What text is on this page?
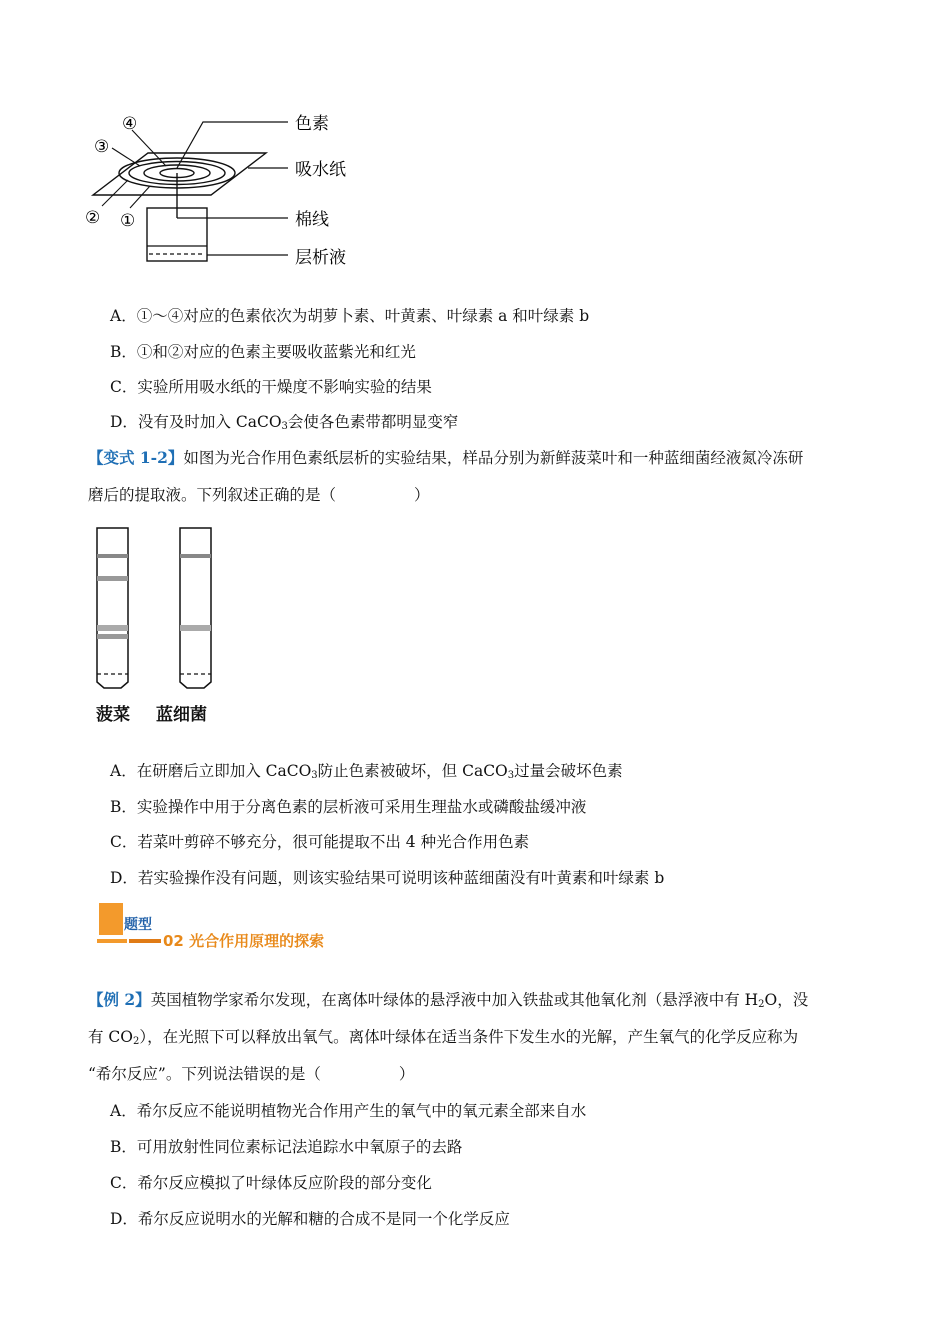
④
③
② ①
色素
吸水纸
棉线
层析液
A．①～④对应的色素依次为胡萝卜素、叶黄素、叶绿素 a 和叶绿素 b
B．①和②对应的色素主要吸收蓝紫光和红光
C．实验所用吸水纸的干燥度不影响实验的结果
D．没有及时加入 CaCO$_3$会使各色素带都明显变窄
【变式 1-2】如图为光合作用色素纸层析的实验结果，样品分别为新鲜菠菜叶和一种蓝细菌经液氮冷冻研
磨后的提取液。下列叙述正确的是（	）
菠菜 蓝细菌
A．在研磨后立即加入 CaCO$_3$防止色素被破坏，但 CaCO$_3$过量会破坏色素
B．实验操作中用于分离色素的层析液可采用生理盐水或磷酸盐缓冲液
C．若菜叶剪碎不够充分，很可能提取不出 4 种光合作用色素
D．若实验操作没有问题，则该实验结果可说明该种蓝细菌没有叶黄素和叶绿素 b
题型
02 光合作用原理的探索
【例 2】英国植物学家希尔发现，在离体叶绿体的悬浮液中加入铁盐或其他氧化剂（悬浮液中有 $H_2O$，没
有 $CO_2$），在光照下可以释放出氧气。离体叶绿体在适当条件下发生水的光解，产生氧气的化学反应称为
“希尔反应”。下列说法错误的是（	）
A．希尔反应不能说明植物光合作用产生的氧气中的氧元素全部来自水
B．可用放射性同位素标记法追踪水中氧原子的去路
C．希尔反应模拟了叶绿体反应阶段的部分变化
D．希尔反应说明水的光解和糖的合成不是同一个化学反应
